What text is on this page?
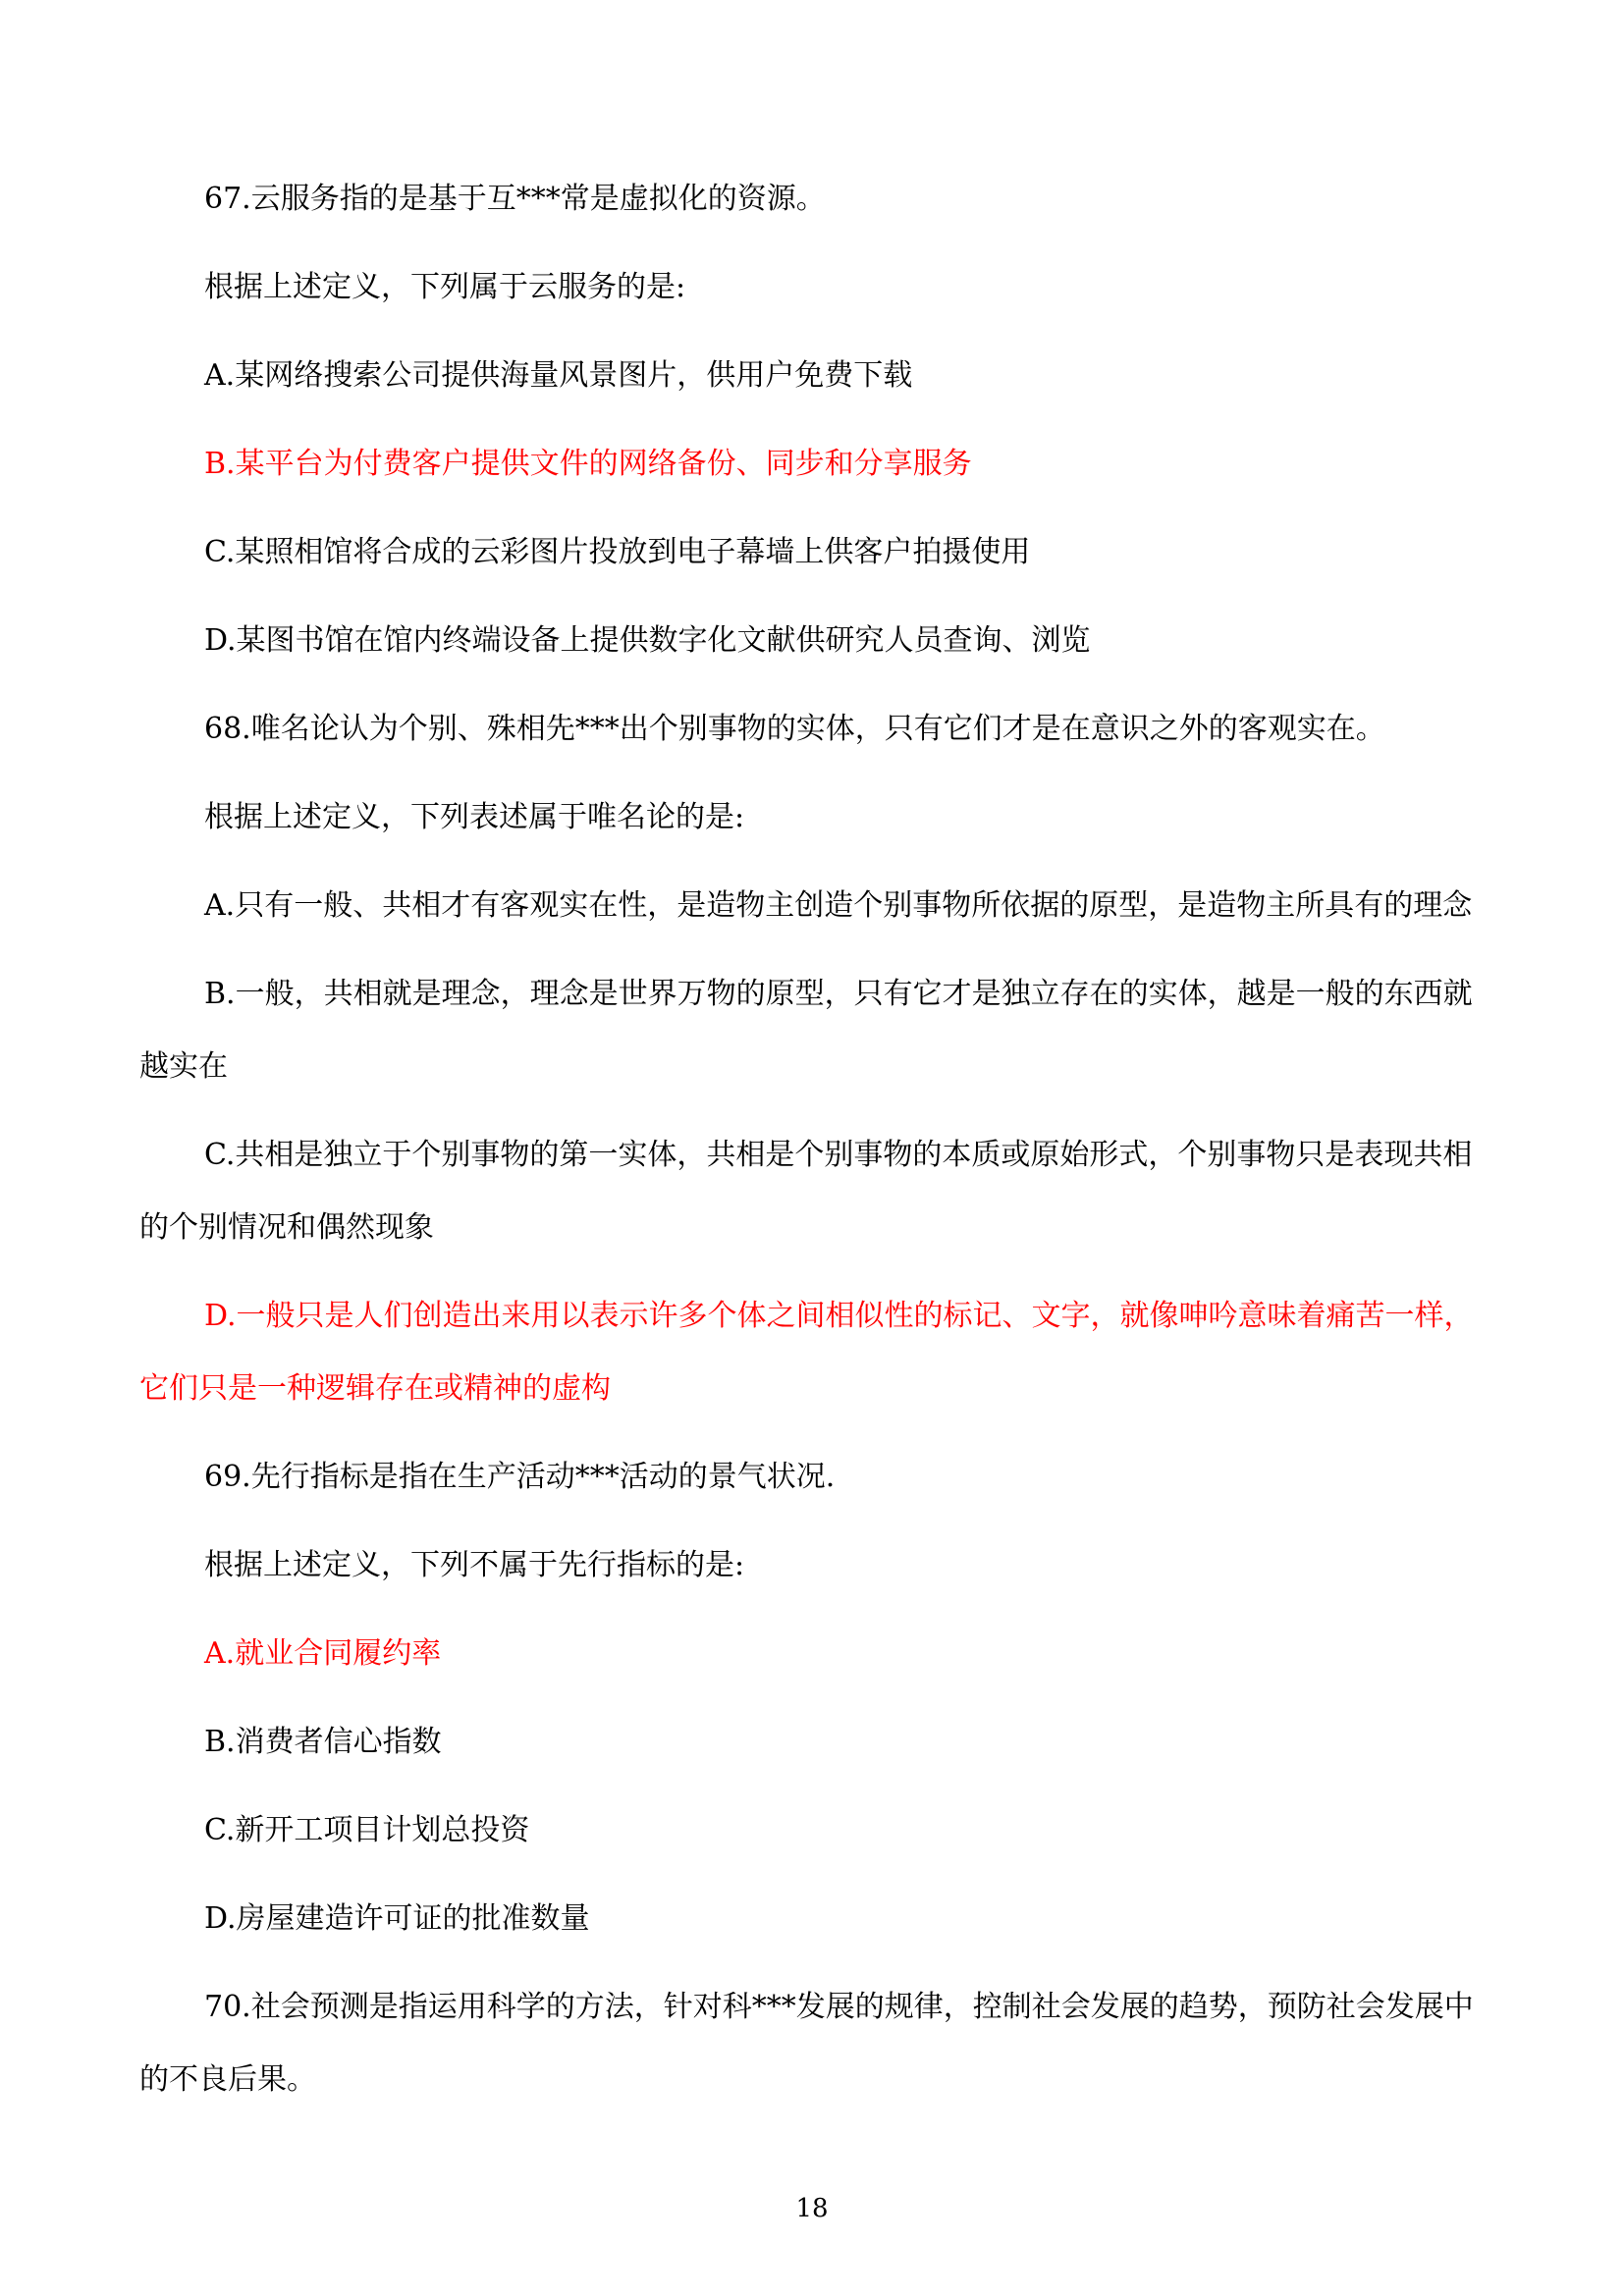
67.云服务指的是基于互***常是虚拟化的资源。

根据上述定义，下列属于云服务的是:

A.某网络搜索公司提供海量风景图片，供用户免费下载

B.某平台为付费客户提供文件的网络备份、同步和分享服务

C.某照相馆将合成的云彩图片投放到电子幕墙上供客户拍摄使用

D.某图书馆在馆内终端设备上提供数字化文献供研究人员查询、浏览

68.唯名论认为个别、殊相先***出个别事物的实体，只有它们才是在意识之外的客观实在。

根据上述定义，下列表述属于唯名论的是:

A.只有一般、共相才有客观实在性，是造物主创造个别事物所依据的原型，是造物主所具有的理念

B.一般，共相就是理念，理念是世界万物的原型，只有它才是独立存在的实体，越是一般的东西就越实在

C.共相是独立于个别事物的第一实体，共相是个别事物的本质或原始形式，个别事物只是表现共相的个别情况和偶然现象

D.一般只是人们创造出来用以表示许多个体之间相似性的标记、文字，就像呻吟意味着痛苦一样，它们只是一种逻辑存在或精神的虚构

69.先行指标是指在生产活动***活动的景气状况.

根据上述定义，下列不属于先行指标的是:

A.就业合同履约率

B.消费者信心指数

C.新开工项目计划总投资

D.房屋建造许可证的批准数量

70.社会预测是指运用科学的方法，针对科***发展的规律，控制社会发展的趋势，预防社会发展中的不良后果。

18
